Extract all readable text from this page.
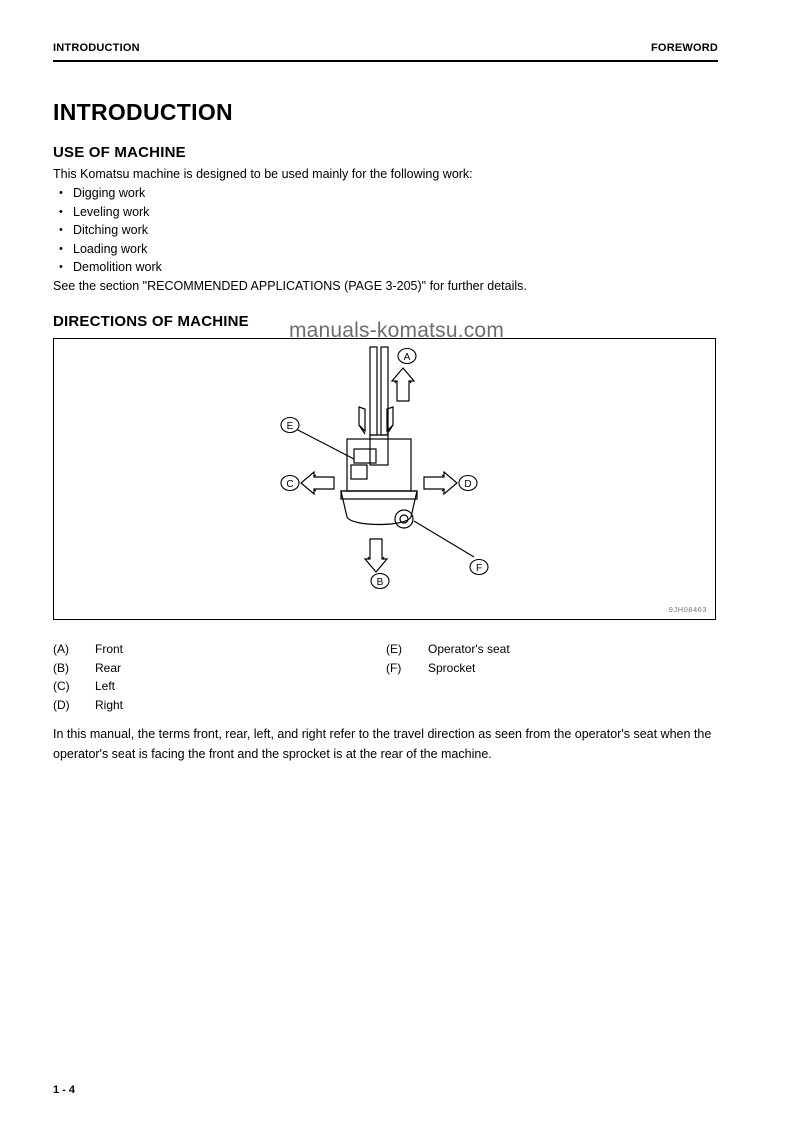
INTRODUCTION	FOREWORD
INTRODUCTION
USE OF MACHINE
This Komatsu machine is designed to be used mainly for the following work:
• Digging work
• Leveling work
• Ditching work
• Loading work
• Demolition work
See the section "RECOMMENDED APPLICATIONS (PAGE 3-205)" for further details.
DIRECTIONS OF MACHINE
A
B
C	D
E
F
9JH08463
manuals-komatsu.com
(A) Front
(B) Rear
(C) Left
(D) Right
(E) Operator's seat
(F) Sprocket
In this manual, the terms front, rear, left, and right refer to the travel direction as seen from the operator's seat when the operator's seat is facing the front and the sprocket is at the rear of the machine.
1 - 4
